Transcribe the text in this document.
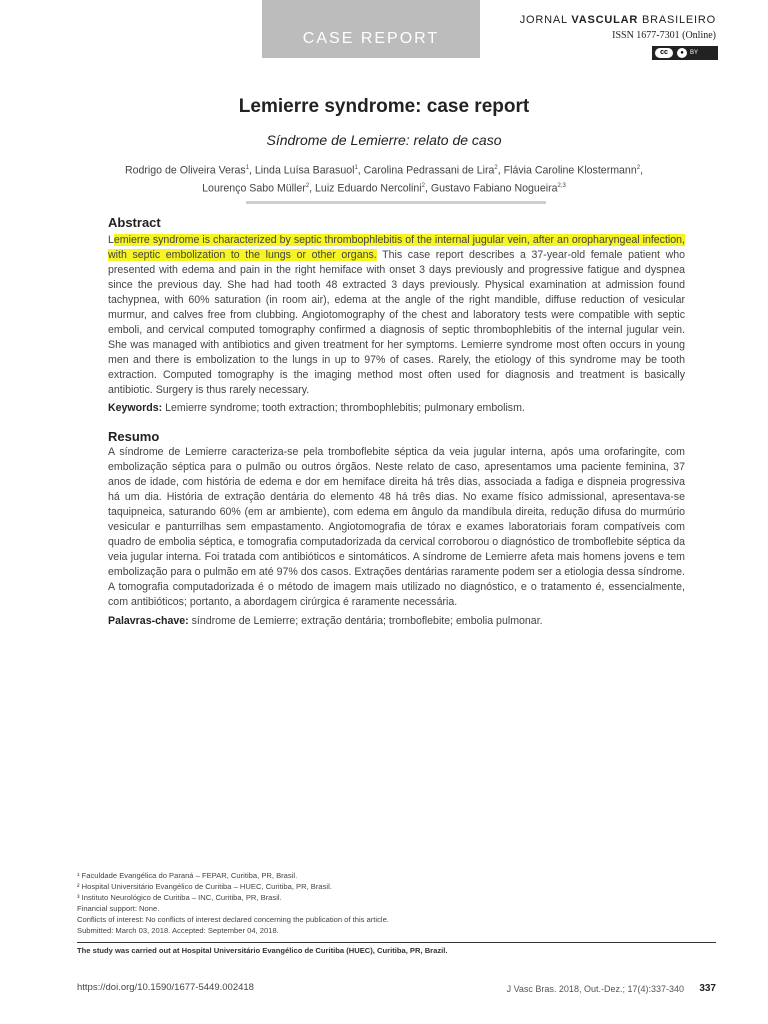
CASE REPORT
JORNAL VASCULAR BRASILEIRO
ISSN 1677-7301 (Online)
cc	●	BY
Lemierre syndrome: case report
Síndrome de Lemierre: relato de caso
Rodrigo de Oliveira Veras$^1$, Linda Luísa Barasuol$^1$, Carolina Pedrassani de Lira$^2$, Flávia Caroline Klostermann$^2$,
Lourenço Sabo Müller$^2$, Luiz Eduardo Nercolini$^2$, Gustavo Fabiano Nogueira$^{2,3}$
Abstract

Lemierre syndrome is characterized by septic thrombophlebitis of the internal jugular vein, after an oropharyngeal infection, with septic embolization to the lungs or other organs. This case report describes a 37-year-old female patient who presented with edema and pain in the right hemiface with onset 3 days previously and progressive fatigue and dyspnea since the previous day. She had had tooth 48 extracted 3 days previously. Physical examination at admission found tachypnea, with 60% saturation (in room air), edema at the angle of the right mandible, diffuse reduction of vesicular murmur, and calves free from clubbing. Angiotomography of the chest and laboratory tests were compatible with septic emboli, and cervical computed tomography confirmed a diagnosis of septic thrombophlebitis of the internal jugular vein. She was managed with antibiotics and given treatment for her symptoms. Lemierre syndrome most often occurs in young men and there is embolization to the lungs in up to 97% of cases. Rarely, the etiology of this syndrome may be tooth extraction. Computed tomography is the imaging method most often used for diagnosis and treatment is basically antibiotic. Surgery is thus rarely necessary.

Keywords: Lemierre syndrome; tooth extraction; thrombophlebitis; pulmonary embolism.

Resumo

A síndrome de Lemierre caracteriza-se pela tromboflebite séptica da veia jugular interna, após uma orofaringite, com embolização séptica para o pulmão ou outros órgãos. Neste relato de caso, apresentamos uma paciente feminina, 37 anos de idade, com história de edema e dor em hemiface direita há três dias, associada a fadiga e dispneia progressiva há um dia. História de extração dentária do elemento 48 há três dias. No exame físico admissional, apresentava-se taquipneica, saturando 60% (em ar ambiente), com edema em ângulo da mandíbula direita, redução difusa do murmúrio vesicular e panturrilhas sem empastamento. Angiotomografia de tórax e exames laboratoriais foram compatíveis com quadro de embolia séptica, e tomografia computadorizada da cervical corroborou o diagnóstico de tromboflebite séptica da veia jugular interna. Foi tratada com antibióticos e sintomáticos. A síndrome de Lemierre afeta mais homens jovens e tem embolização para o pulmão em até 97% dos casos. Extrações dentárias raramente podem ser a etiologia dessa síndrome. A tomografia computadorizada é o método de imagem mais utilizado no diagnóstico, e o tratamento é, essencialmente, com antibióticos; portanto, a abordagem cirúrgica é raramente necessária.

Palavras-chave: síndrome de Lemierre; extração dentária; tromboflebite; embolia pulmonar.

¹ Faculdade Evangélica do Paraná – FEPAR, Curitiba, PR, Brasil.
² Hospital Universitário Evangélico de Curitiba – HUEC, Curitiba, PR, Brasil.
³ Instituto Neurológico de Curitiba – INC, Curitiba, PR, Brasil.
Financial support: None.
Conflicts of interest: No conflicts of interest declared concerning the publication of this article.
Submitted: March 03, 2018. Accepted: September 04, 2018.
The study was carried out at Hospital Universitário Evangélico de Curitiba (HUEC), Curitiba, PR, Brazil.
https://doi.org/10.1590/1677-5449.002418	J Vasc Bras. 2018, Out.-Dez.; 17(4):337-340 337
